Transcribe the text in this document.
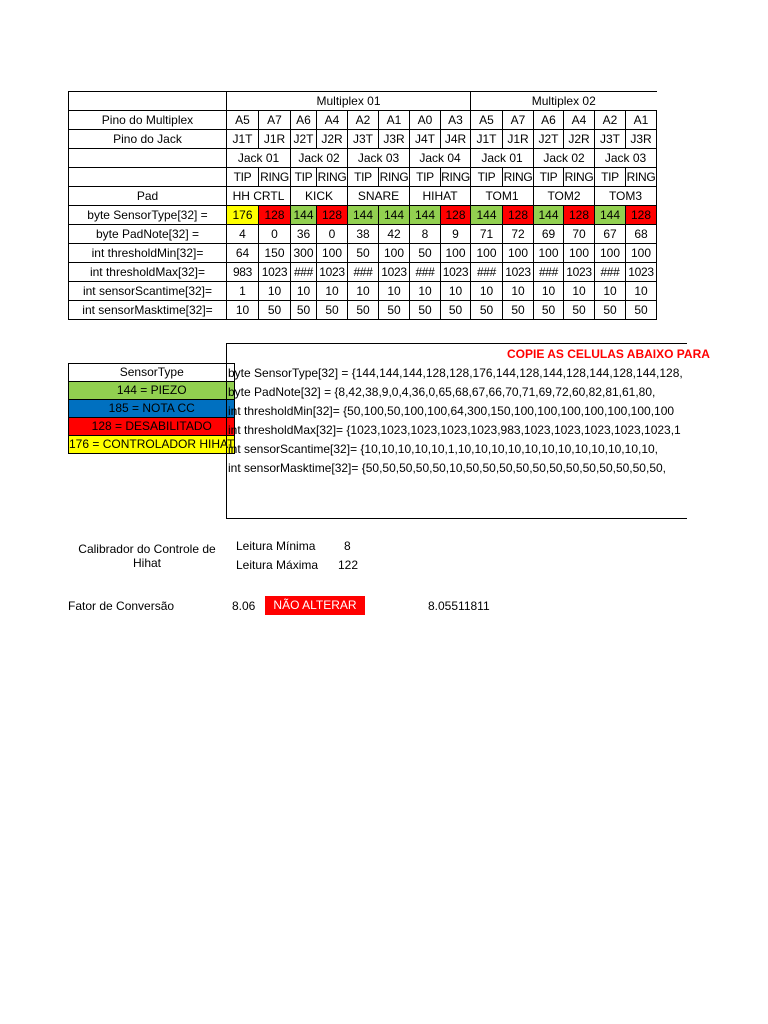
	Multiplex 01								Multiplex 02					
Pino do Multiplex	A5	A7	A6	A4	A2	A1	A0	A3	A5	A7	A6	A4	A2	A1
Pino do Jack	J1T	J1R	J2T	J2R	J3T	J3R	J4T	J4R	J1T	J1R	J2T	J2R	J3T	J3R
	Jack 01		Jack 02		Jack 03		Jack 04		Jack 01		Jack 02		Jack 03	
	TIP	RING	TIP	RING	TIP	RING	TIP	RING	TIP	RING	TIP	RING	TIP	RING
Pad	HH CRTL		KICK		SNARE		HIHAT		TOM1		TOM2		TOM3	
byte SensorType[32] =	176	128	144	128	144	144	144	128	144	128	144	128	144	128
byte PadNote[32] =	4	0	36	0	38	42	8	9	71	72	69	70	67	68
int thresholdMin[32]=	64	150	300	100	50	100	50	100	100	100	100	100	100	100
int thresholdMax[32]=	983	1023	###	1023	###	1023	###	1023	###	1023	###	1023	###	1023
int sensorScantime[32]=	1	10	10	10	10	10	10	10	10	10	10	10	10	10
int sensorMasktime[32]=	10	50	50	50	50	50	50	50	50	50	50	50	50	50
SensorType
144 = PIEZO
185 = NOTA CC
128 = DESABILITADO
176 = CONTROLADOR HIHAT
COPIE AS CELULAS ABAIXO PARA
byte SensorType[32] = {144,144,144,128,128,176,144,128,144,128,144,128,144,128,
byte PadNote[32] = {8,42,38,9,0,4,36,0,65,68,67,66,70,71,69,72,60,82,81,61,80,
int thresholdMin[32]= {50,100,50,100,100,64,300,150,100,100,100,100,100,100,100
int thresholdMax[32]= {1023,1023,1023,1023,1023,983,1023,1023,1023,1023,1023,1
int sensorScantime[32]= {10,10,10,10,10,1,10,10,10,10,10,10,10,10,10,10,10,10,
int sensorMasktime[32]= {50,50,50,50,50,10,50,50,50,50,50,50,50,50,50,50,50,50,
Calibrador do Controle de Hihat
Leitura Mínima 8
Leitura Máxima 122
Fator de Conversão	8.06	NÃO ALTERAR	8.05511811
